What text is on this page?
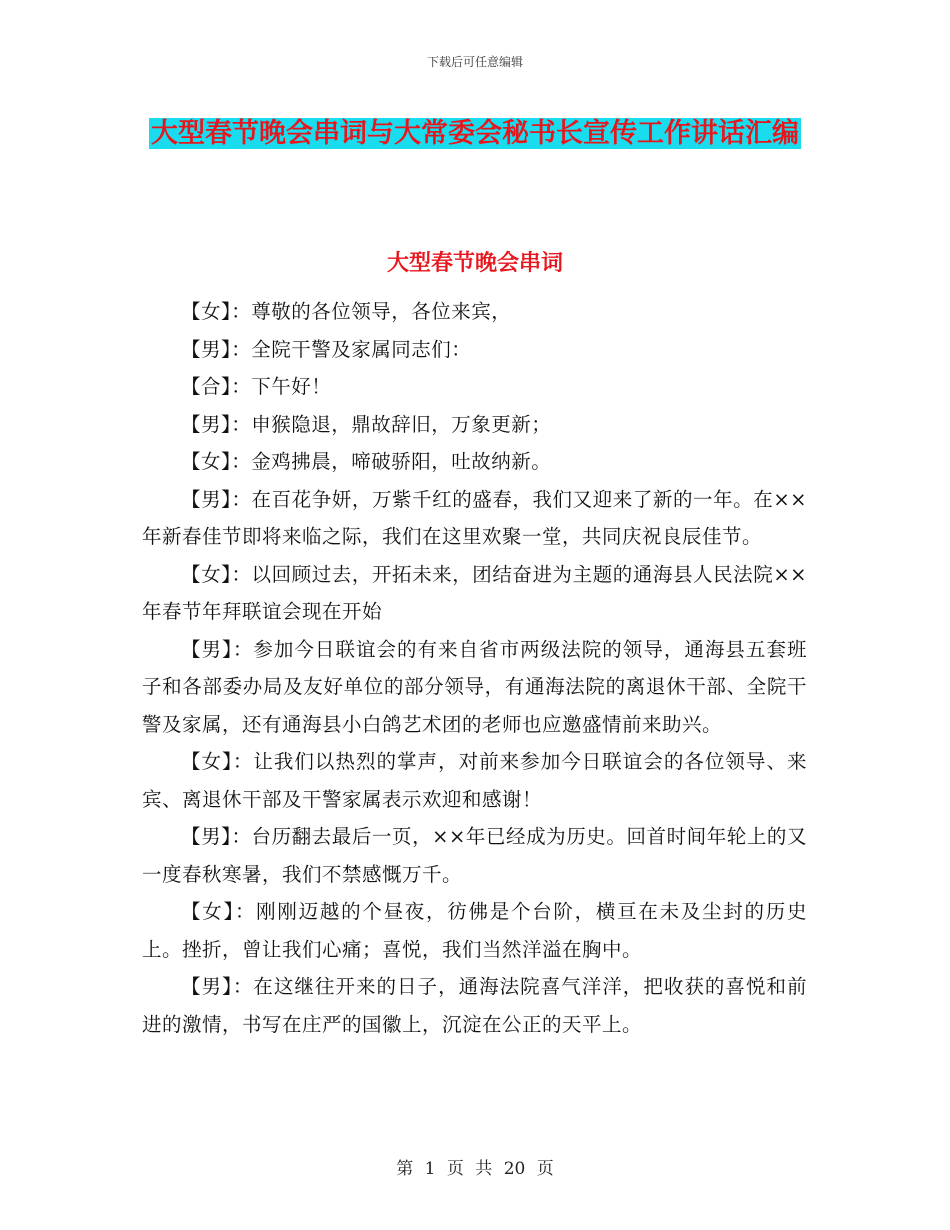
下载后可任意编辑
大型春节晚会串词与大常委会秘书长宣传工作讲话汇编
大型春节晚会串词

【女】：尊敬的各位领导，各位来宾，

【男】：全院干警及家属同志们：

【合】：下午好！

【男】：申猴隐退，鼎故辞旧，万象更新；

【女】：金鸡拂晨，啼破骄阳，吐故纳新。

【男】：在百花争妍，万紫千红的盛春，我们又迎来了新的一年。在××年新春佳节即将来临之际，我们在这里欢聚一堂，共同庆祝良辰佳节。

【女】：以回顾过去，开拓未来，团结奋进为主题的通海县人民法院××年春节年拜联谊会现在开始

【男】：参加今日联谊会的有来自省市两级法院的领导，通海县五套班子和各部委办局及友好单位的部分领导，有通海法院的离退休干部、全院干警及家属，还有通海县小白鸽艺术团的老师也应邀盛情前来助兴。

【女】：让我们以热烈的掌声，对前来参加今日联谊会的各位领导、来宾、离退休干部及干警家属表示欢迎和感谢！

【男】：台历翻去最后一页，××年已经成为历史。回首时间年轮上的又一度春秋寒暑，我们不禁感慨万千。

【女】：刚刚迈越的个昼夜，彷佛是个台阶，横亘在未及尘封的历史上。挫折，曾让我们心痛；喜悦，我们当然洋溢在胸中。

【男】：在这继往开来的日子，通海法院喜气洋洋，把收获的喜悦和前进的激情，书写在庄严的国徽上，沉淀在公正的天平上。

第 1 页 共 20 页
